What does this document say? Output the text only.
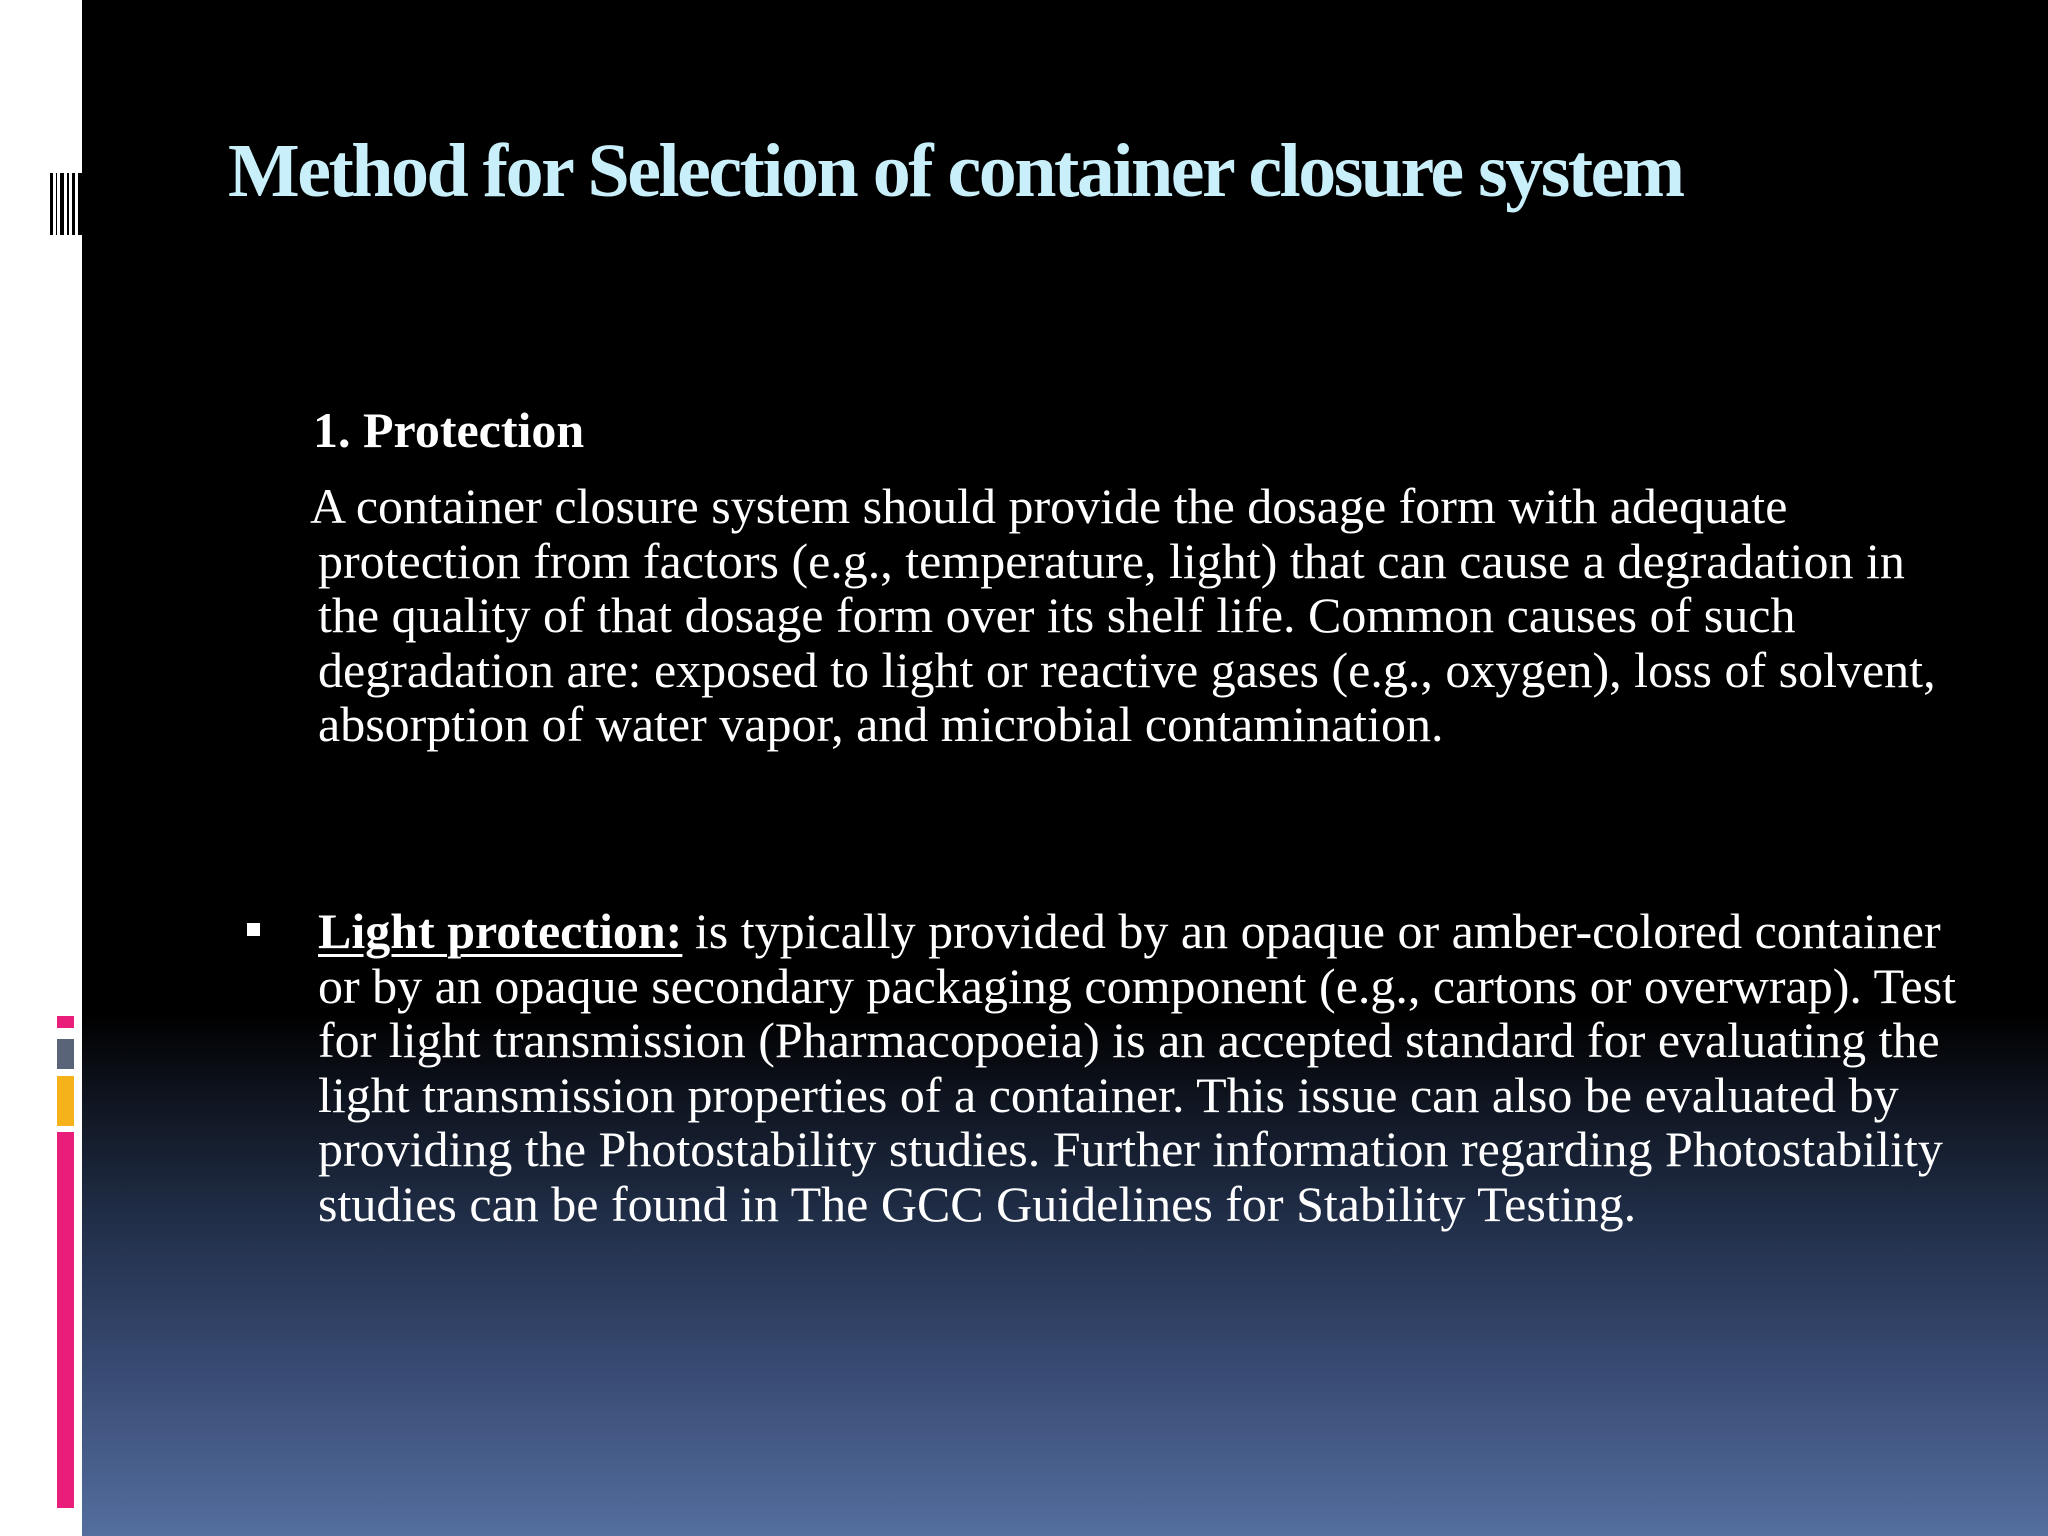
Method for Selection of container closure system

1. Protection

A container closure system should provide the dosage form with adequate protection from factors (e.g., temperature, light) that can cause a degradation in the quality of that dosage form over its shelf life. Common causes of such degradation are: exposed to light or reactive gases (e.g., oxygen), loss of solvent, absorption of water vapor, and microbial contamination.

Light protection: is typically provided by an opaque or amber-colored container or by an opaque secondary packaging component (e.g., cartons or overwrap). Test for light transmission (Pharmacopoeia) is an accepted standard for evaluating the light transmission properties of a container. This issue can also be evaluated by providing the Photostability studies. Further information regarding Photostability studies can be found in The GCC Guidelines for Stability Testing.
